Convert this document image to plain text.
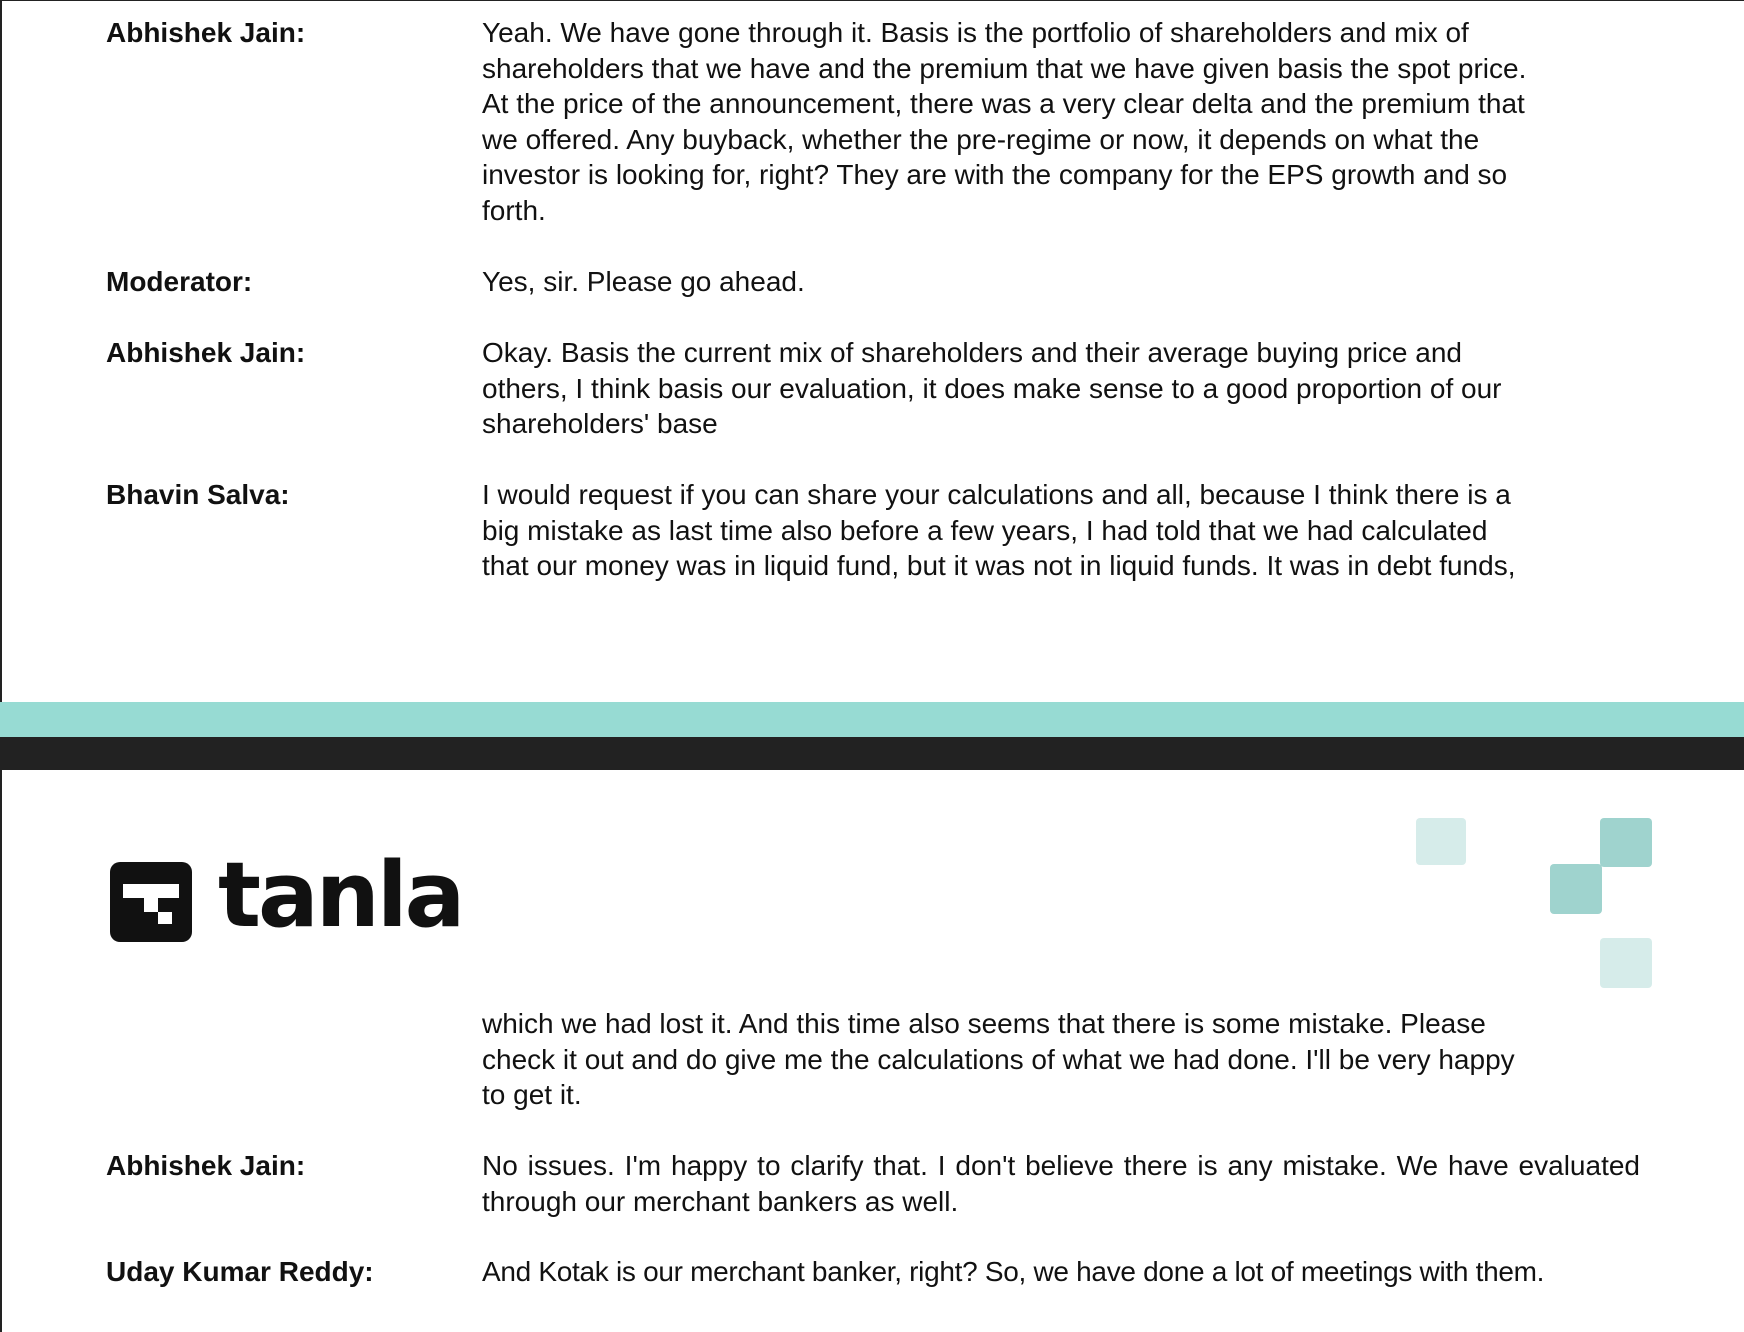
Abhishek Jain:	Yeah. We have gone through it. Basis is the portfolio of shareholders and mix of
shareholders that we have and the premium that we have given basis the spot price.
At the price of the announcement, there was a very clear delta and the premium that
we offered. Any buyback, whether the pre-regime or now, it depends on what the
investor is looking for, right? They are with the company for the EPS growth and so
forth.
Moderator:	Yes, sir. Please go ahead.
Abhishek Jain:	Okay. Basis the current mix of shareholders and their average buying price and
others, I think basis our evaluation, it does make sense to a good proportion of our
shareholders' base
Bhavin Salva:	I would request if you can share your calculations and all, because I think there is a
big mistake as last time also before a few years, I had told that we had calculated
that our money was in liquid fund, but it was not in liquid funds. It was in debt funds,
tanla
which we had lost it. And this time also seems that there is some mistake. Please
check it out and do give me the calculations of what we had done. I'll be very happy
to get it.
Abhishek Jain:	No issues. I'm happy to clarify that. I don't believe there is any mistake. We have evaluated through our merchant bankers as well.

Uday Kumar Reddy:	And Kotak is our merchant banker, right? So, we have done a lot of meetings with them.
